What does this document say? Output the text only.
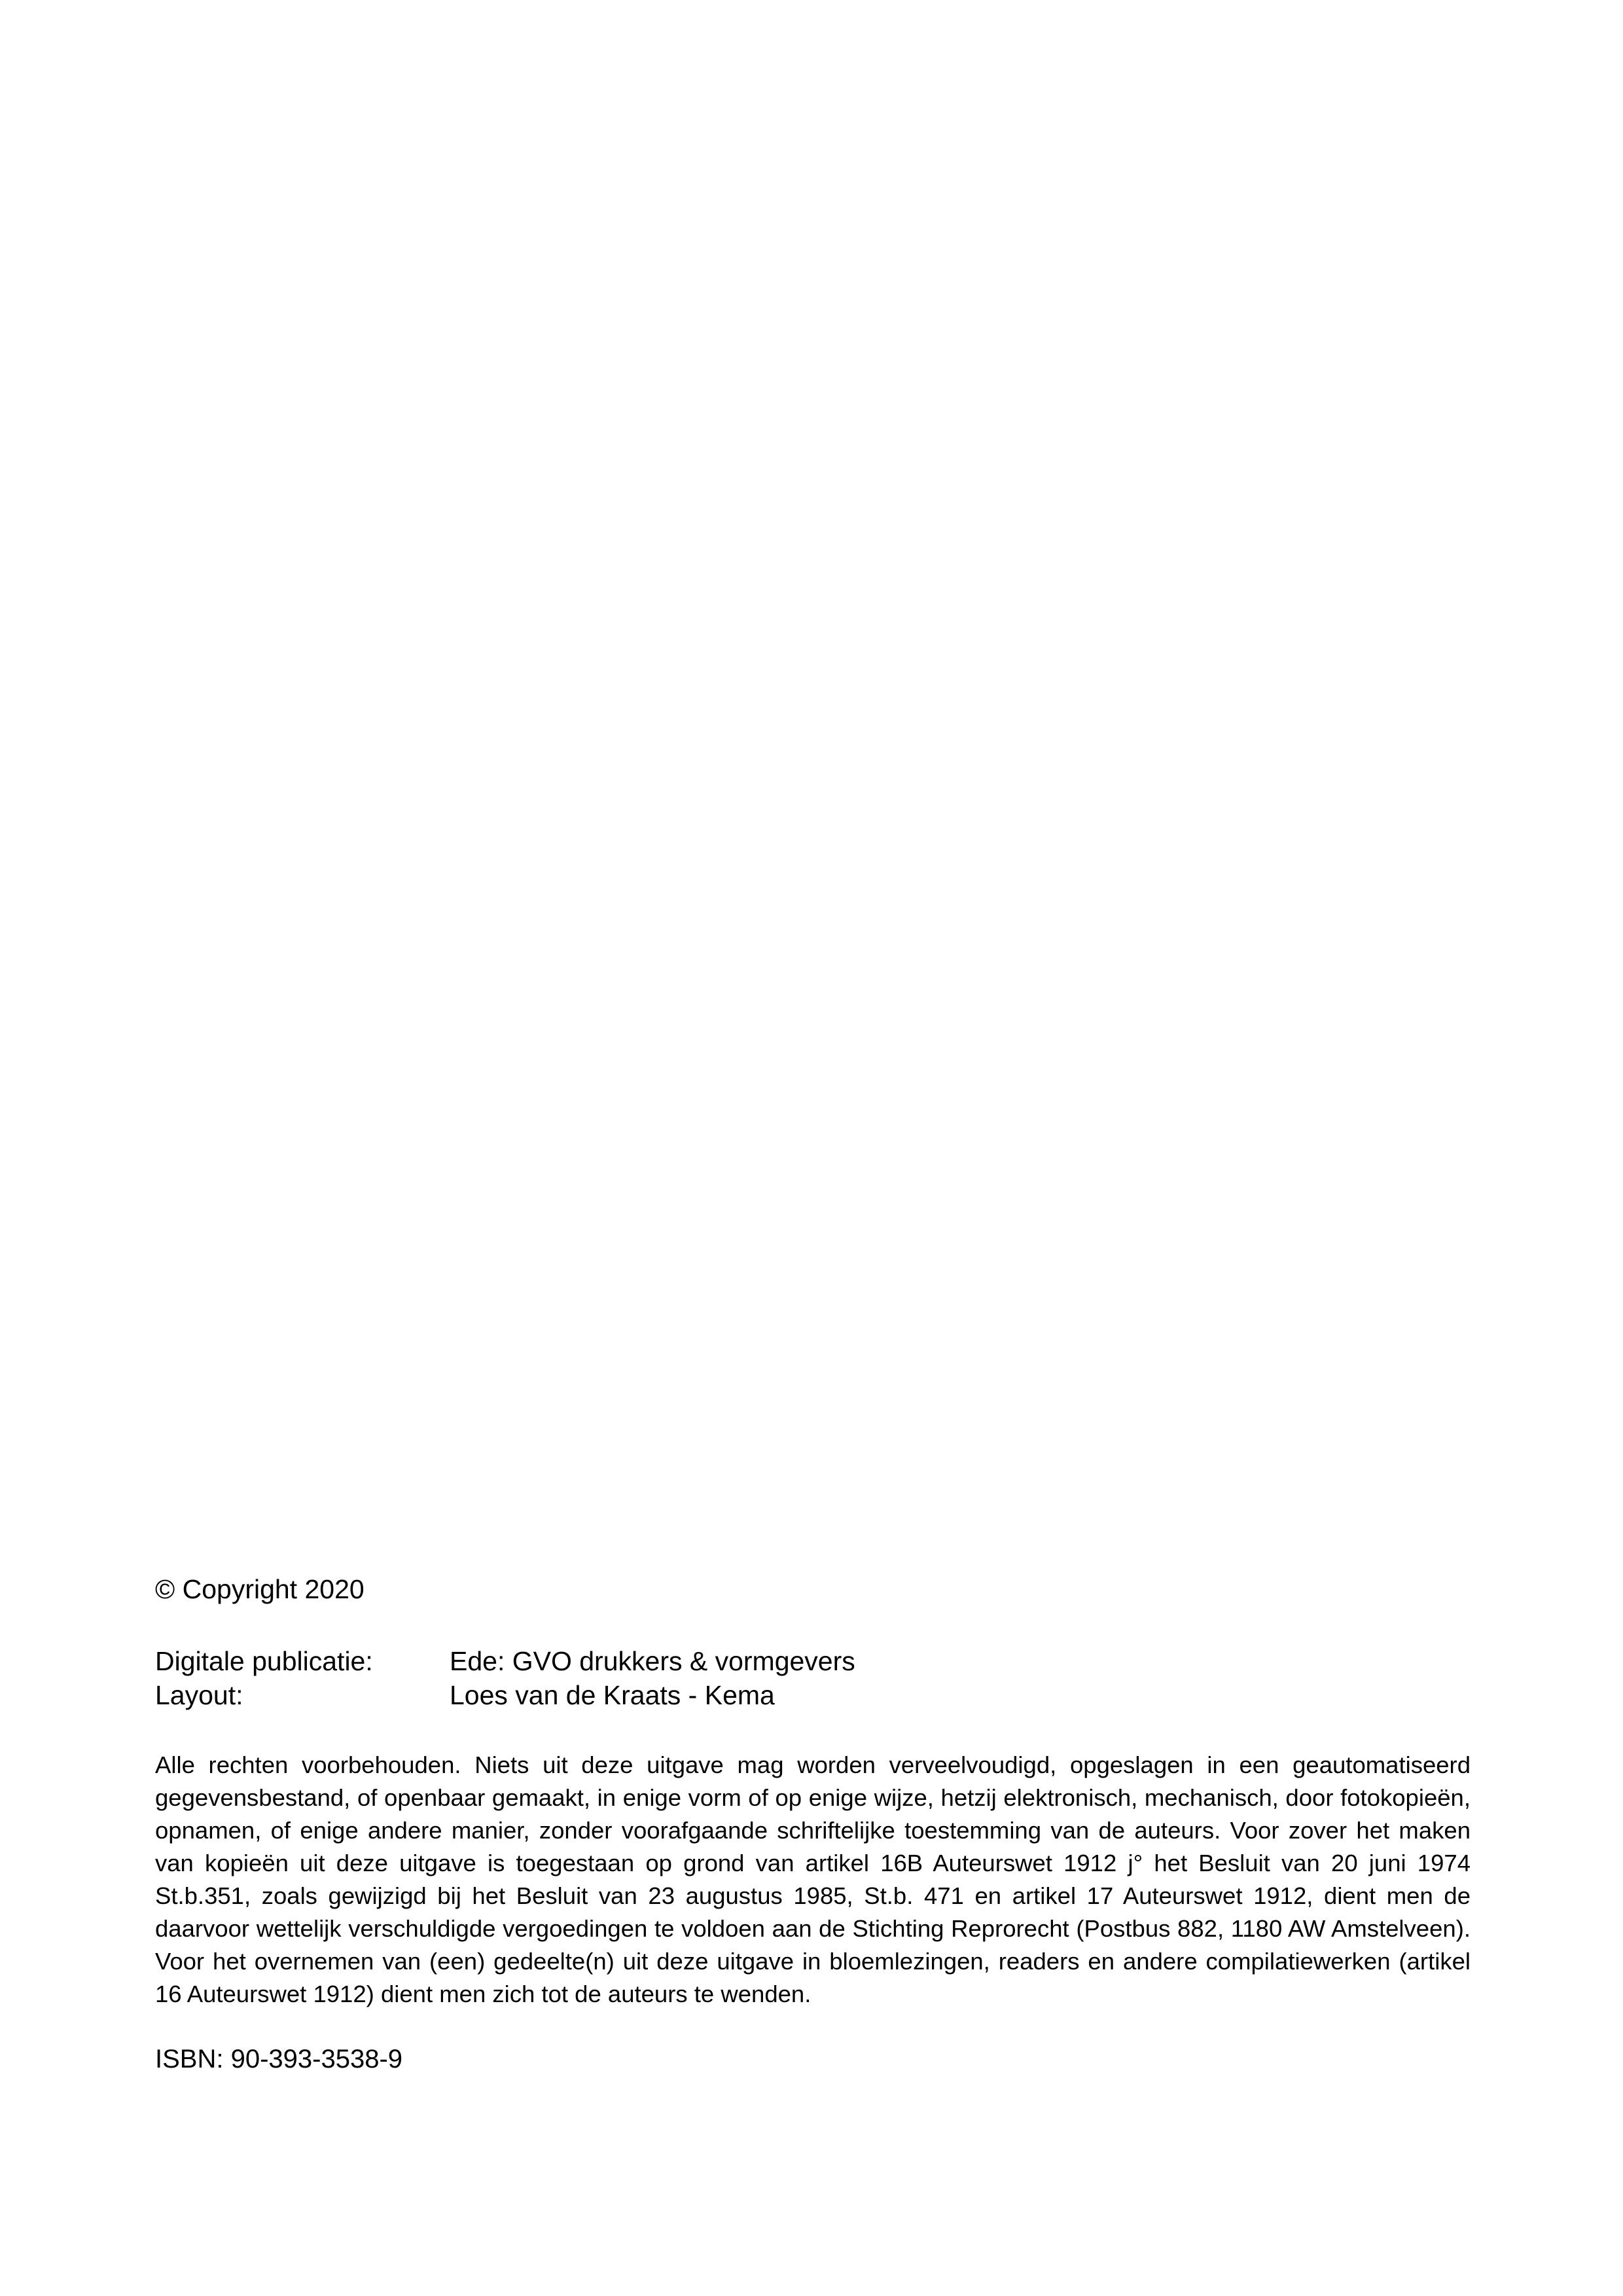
© Copyright 2020

Digitale publicatie:	Ede: GVO drukkers & vormgevers
Layout:	Loes van de Kraats - Kema

Alle rechten voorbehouden. Niets uit deze uitgave mag worden verveelvoudigd, opgeslagen in een geautomatiseerd gegevensbestand, of openbaar gemaakt, in enige vorm of op enige wijze, hetzij elektronisch, mechanisch, door fotokopieën, opnamen, of enige andere manier, zonder voorafgaande schriftelijke toestemming van de auteurs. Voor zover het maken van kopieën uit deze uitgave is toegestaan op grond van artikel 16B Auteurswet 1912 j° het Besluit van 20 juni 1974 St.b.351, zoals gewijzigd bij het Besluit van 23 augustus 1985, St.b. 471 en artikel 17 Auteurswet 1912, dient men de daarvoor wettelijk verschuldigde vergoedingen te voldoen aan de Stichting Reprorecht (Postbus 882, 1180 AW Amstelveen). Voor het overnemen van (een) gedeelte(n) uit deze uitgave in bloemlezingen, readers en andere compilatiewerken (artikel 16 Auteurswet 1912) dient men zich tot de auteurs te wenden.

ISBN: 90-393-3538-9
